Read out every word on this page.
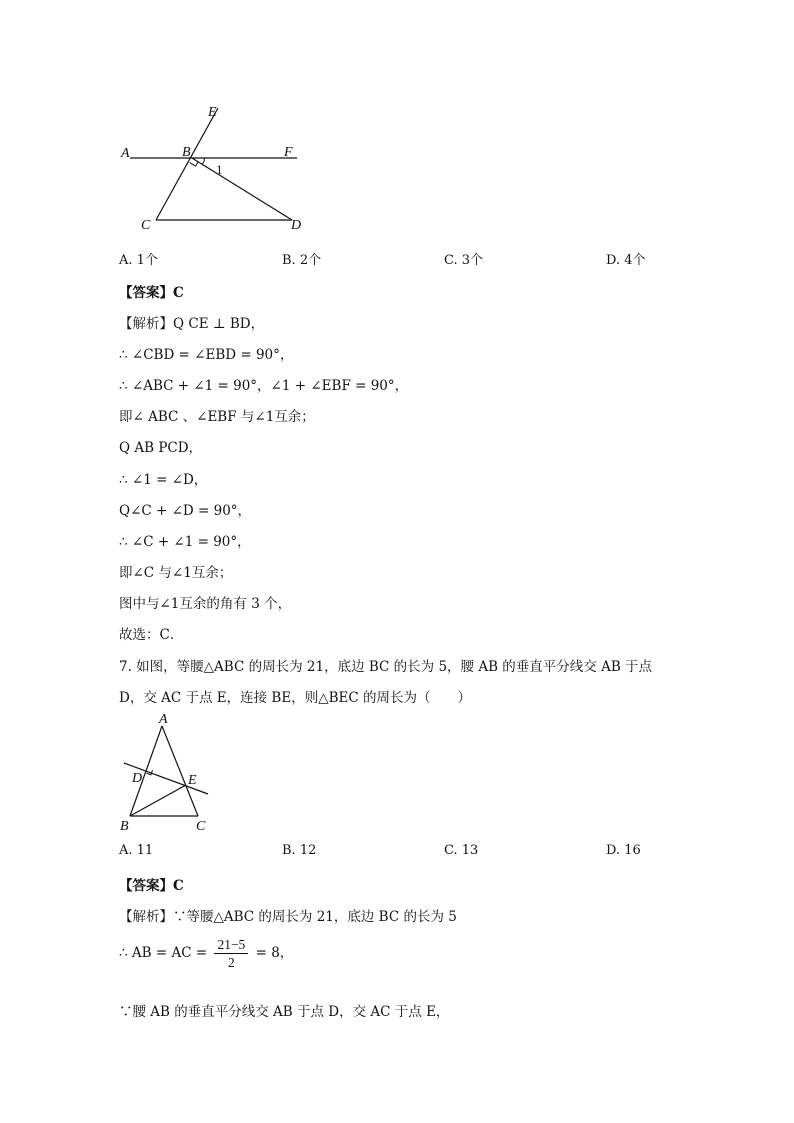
A	B
E
F
C	D
1
A. 1个	B. 2个	C. 3个	D. 4个
【答案】C
【解析】Q CE ⊥ BD，
∴ ∠CBD = ∠EBD = 90°，
∴ ∠ABC + ∠1 = 90°，∠1 + ∠EBF = 90°，
即∠ ABC 、∠EBF 与∠1互余；
Q AB PCD，
∴ ∠1 = ∠D，
Q∠C + ∠D = 90°，
∴ ∠C + ∠1 = 90°，
即∠C 与∠1互余；
图中与∠1互余的角有 3 个，
故选：C．
7. 如图，等腰△ABC 的周长为 21，底边 BC 的长为 5，腰 AB 的垂直平分线交 AB 于点
D，交 AC 于点 E，连接 BE，则△BEC 的周长为（　　）
A
D	E
B	C
A. 11	B. 12	C. 13	D. 16
【答案】C
【解析】∵等腰△ABC 的周长为 21，底边 BC 的长为 5
∴ AB = AC = $\frac{21-5}{2} = 8$，
∵腰 AB 的垂直平分线交 AB 于点 D，交 AC 于点 E，
